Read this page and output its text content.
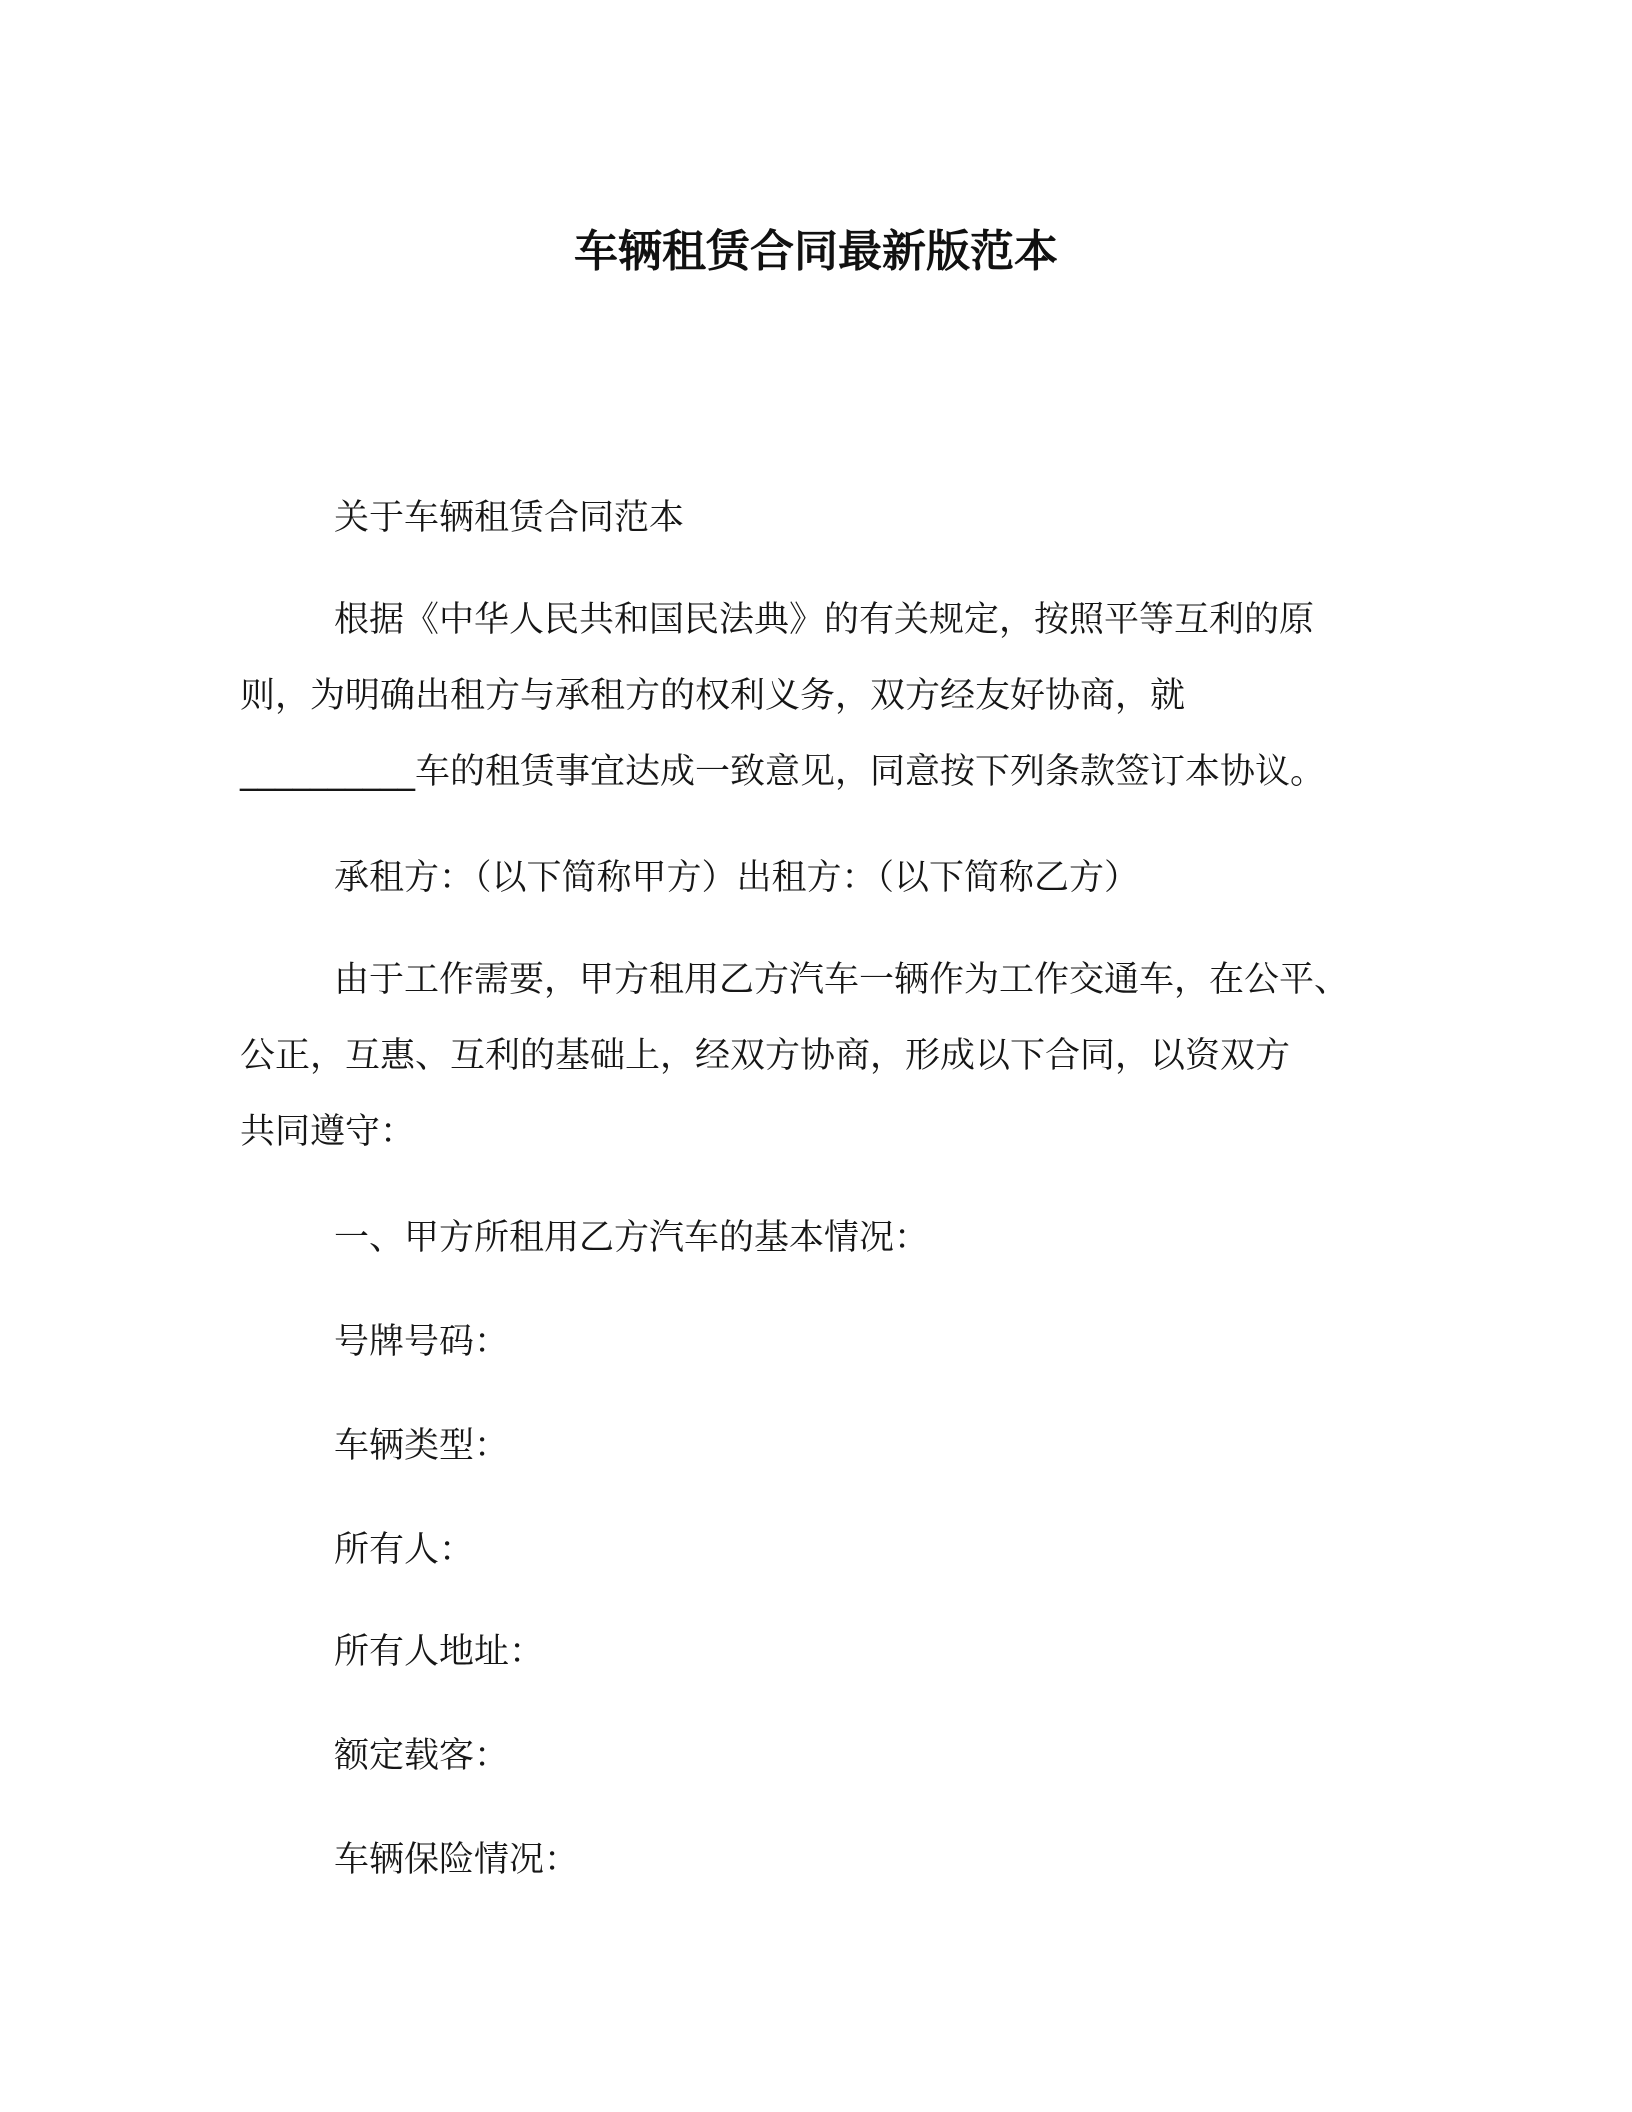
车辆租赁合同最新版范本

关于车辆租赁合同范本

根据《中华人民共和国民法典》的有关规定，按照平等互利的原

则，为明确出租方与承租方的权利义务，双方经友好协商，就

__________车的租赁事宜达成一致意见，同意按下列条款签订本协议。

承租方：（以下简称甲方）出租方：（以下简称乙方）

由于工作需要，甲方租用乙方汽车一辆作为工作交通车，在公平、

公正，互惠、互利的基础上，经双方协商，形成以下合同，以资双方

共同遵守：

一、甲方所租用乙方汽车的基本情况：

号牌号码：

车辆类型：

所有人：

所有人地址：

额定载客：

车辆保险情况：
